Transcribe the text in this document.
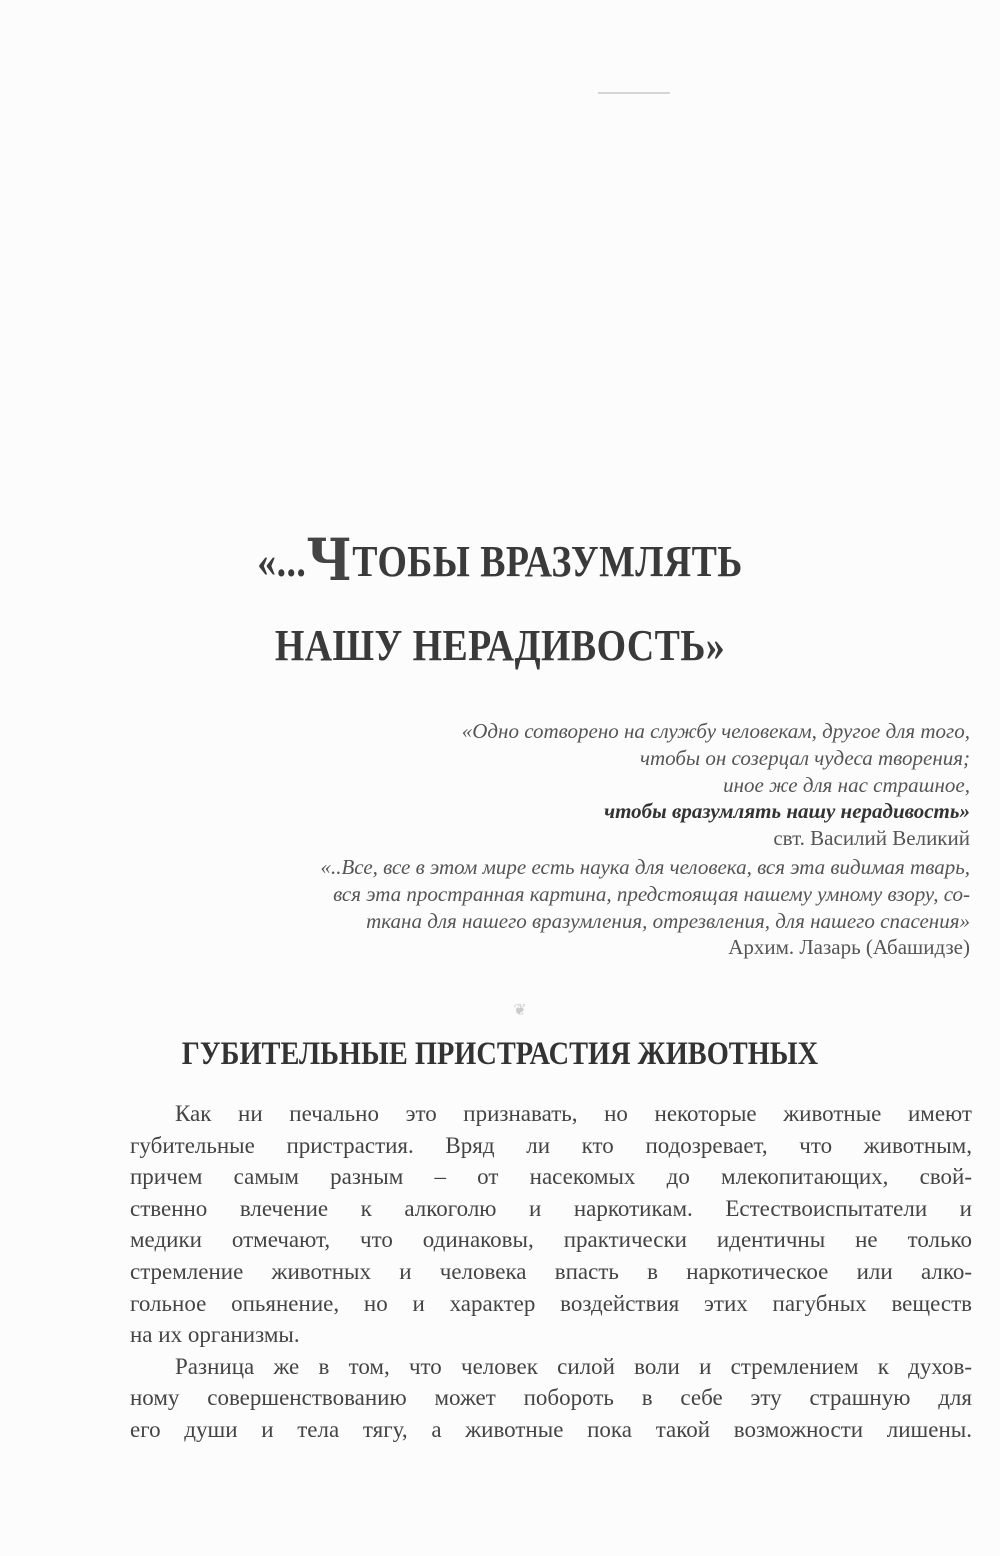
«...ЧТОБЫ ВРАЗУМЛЯТЬ
НАШУ НЕРАДИВОСТЬ»
«Одно сотворено на службу человекам, другое для того,
чтобы он созерцал чудеса творения;
иное же для нас страшное,
чтобы вразумлять нашу нерадивость»
свт. Василий Великий
«..Все, все в этом мире есть наука для человека, вся эта видимая тварь,
вся эта пространная картина, предстоящая нашему умному взору, со-
ткана для нашего вразумления, отрезвления, для нашего спасения»
Архим. Лазарь (Абашидзе)
❦
ГУБИТЕЛЬНЫЕ ПРИСТРАСТИЯ ЖИВОТНЫХ
Как ни печально это признавать, но некоторые животные имеют
губительные пристрастия. Вряд ли кто подозревает, что животным,
причем самым разным – от насекомых до млекопитающих, свой-
ственно влечение к алкоголю и наркотикам. Естествоиспытатели и
медики отмечают, что одинаковы, практически идентичны не только
стремление животных и человека впасть в наркотическое или алко-
гольное опьянение, но и характер воздействия этих пагубных веществ
на их организмы.
Разница же в том, что человек силой воли и стремлением к духов-
ному совершенствованию может побороть в себе эту страшную для
его души и тела тягу, а животные пока такой возможности лишены.
